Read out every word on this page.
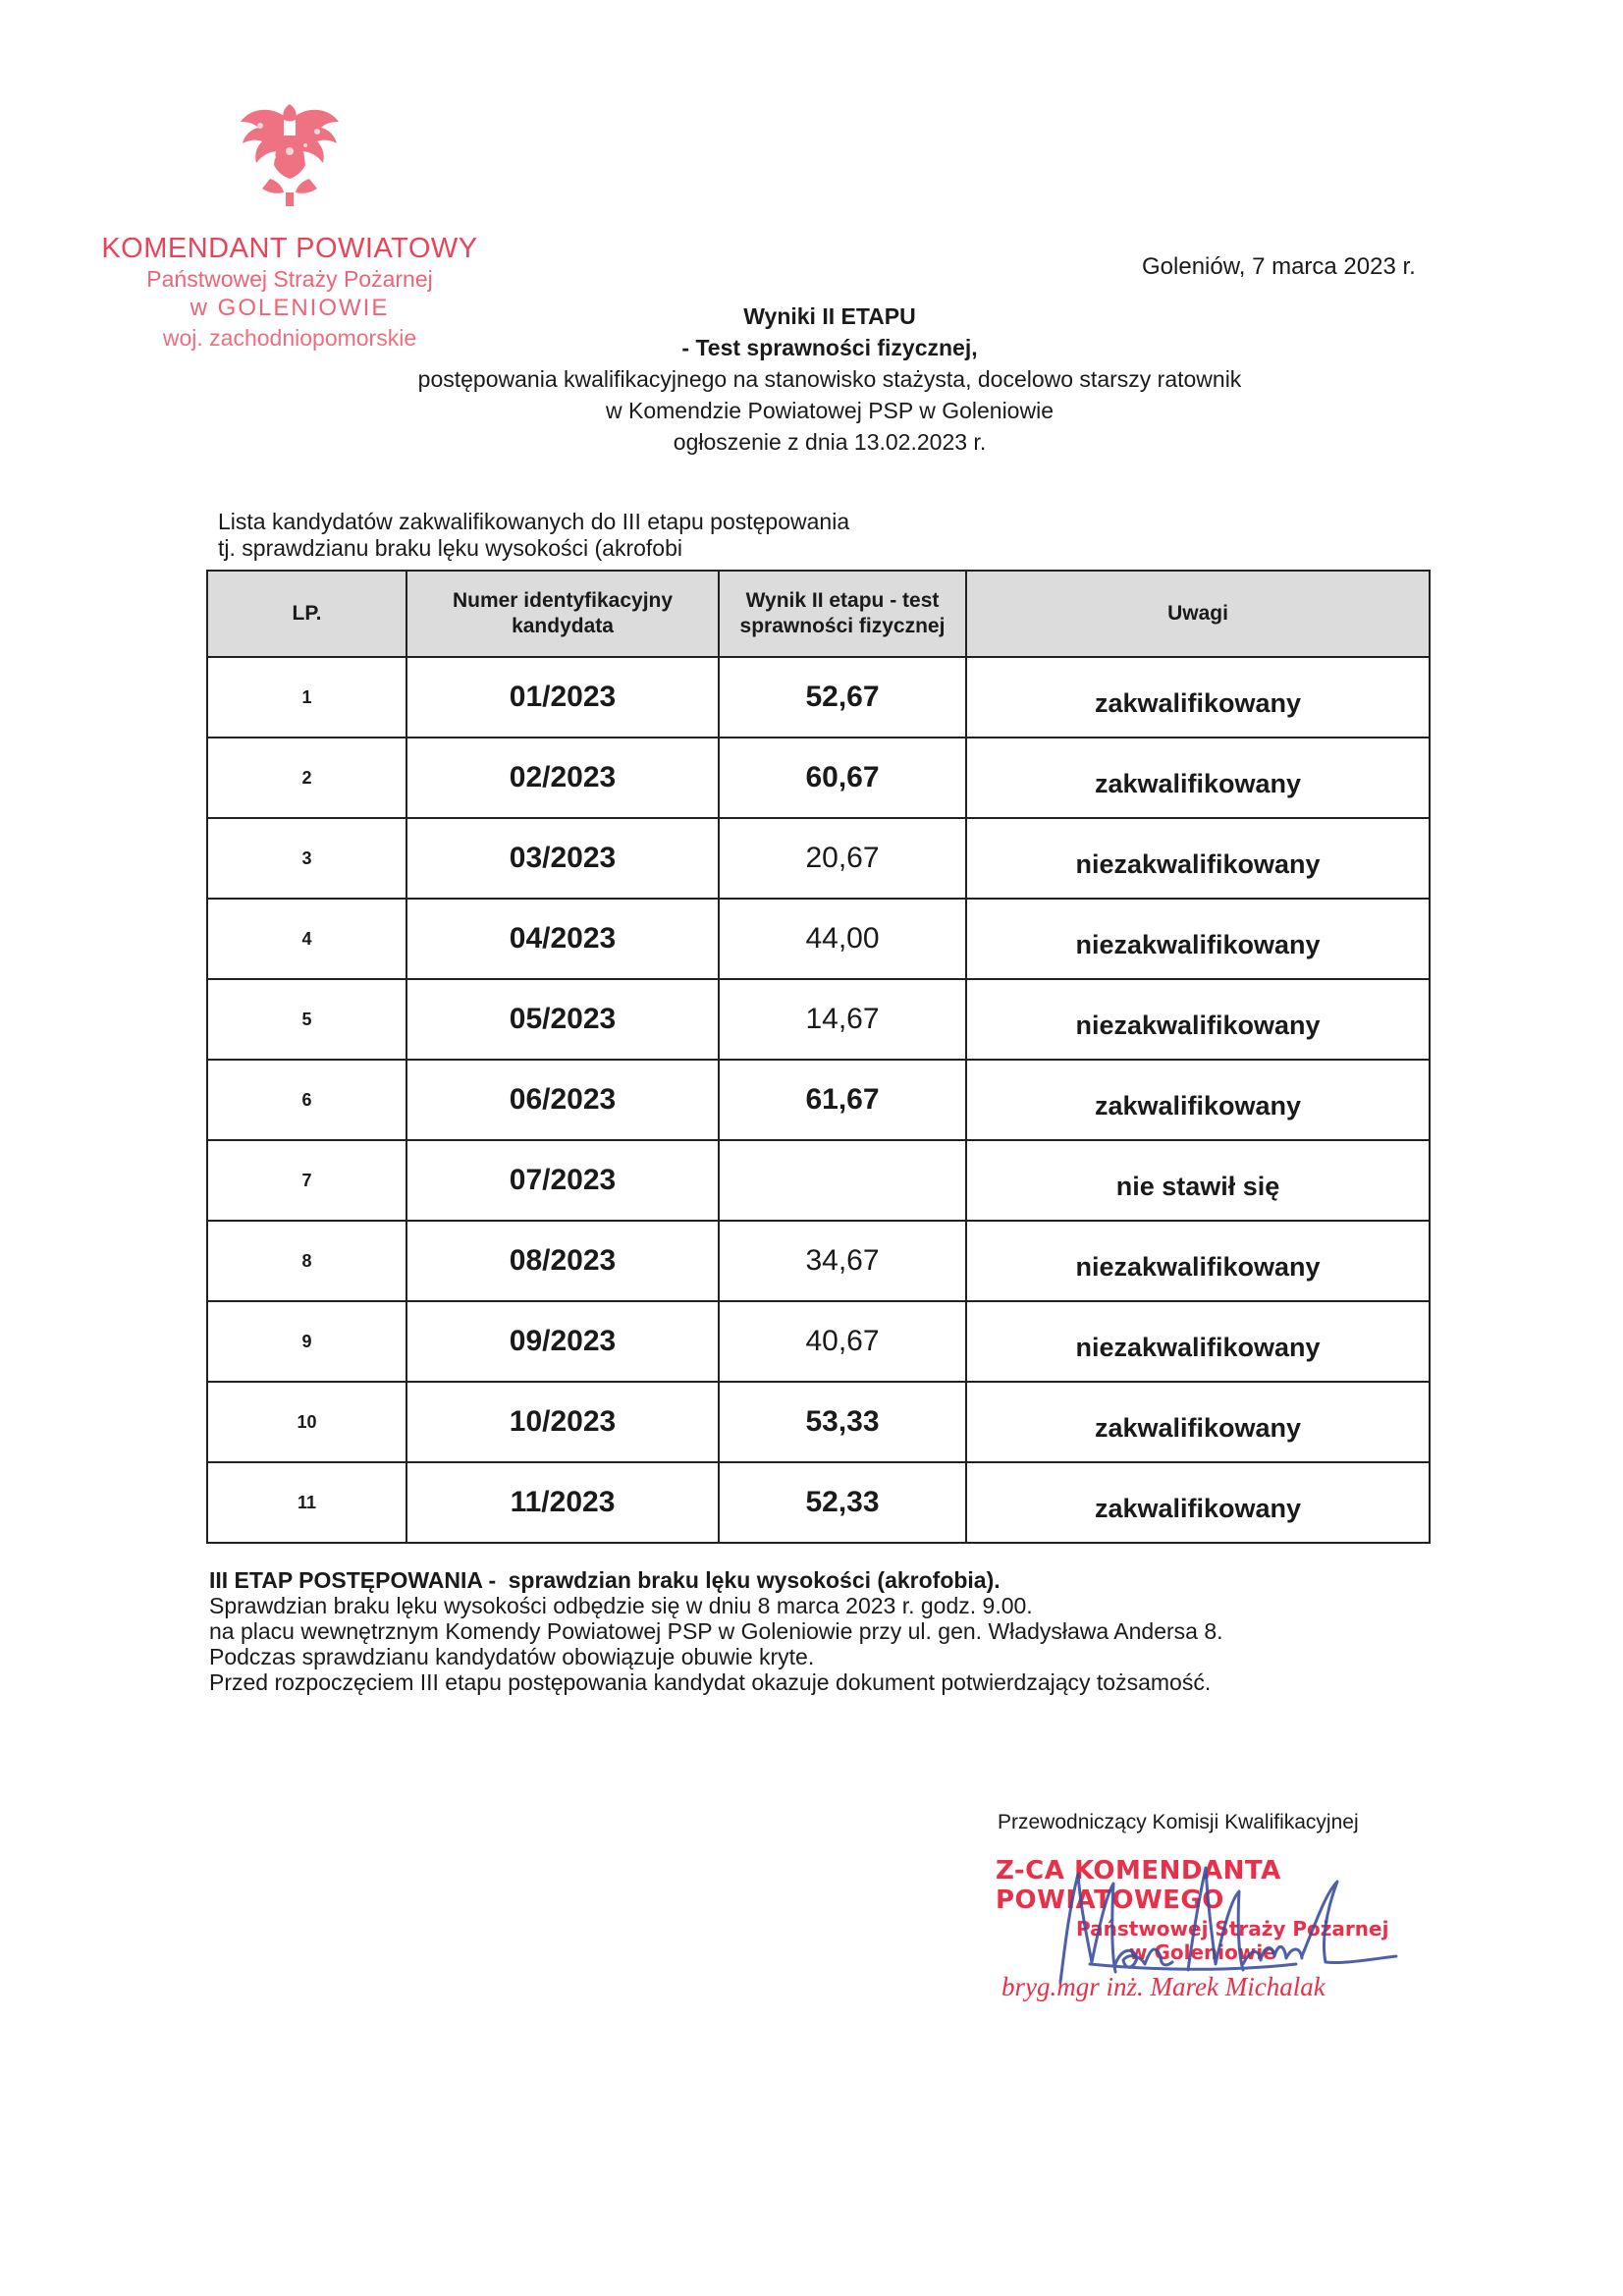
KOMENDANT POWIATOWY
Państwowej Straży Pożarnej
w GOLENIOWIE
woj. zachodniopomorskie
Goleniów, 7 marca 2023 r.
Wyniki II ETAPU
- Test sprawności fizycznej,
postępowania kwalifikacyjnego na stanowisko stażysta, docelowo starszy ratownik
w Komendzie Powiatowej PSP w Goleniowie
ogłoszenie z dnia 13.02.2023 r.
Lista kandydatów zakwalifikowanych do III etapu postępowania
tj. sprawdzianu braku lęku wysokości (akrofobi
LP.	Numer identyfikacyjny kandydata	Wynik II etapu - test sprawności fizycznej	Uwagi
1	01/2023	52,67	zakwalifikowany
2	02/2023	60,67	zakwalifikowany
3	03/2023	20,67	niezakwalifikowany
4	04/2023	44,00	niezakwalifikowany
5	05/2023	14,67	niezakwalifikowany
6	06/2023	61,67	zakwalifikowany
7	07/2023		nie stawił się
8	08/2023	34,67	niezakwalifikowany
9	09/2023	40,67	niezakwalifikowany
10	10/2023	53,33	zakwalifikowany
11	11/2023	52,33	zakwalifikowany
III ETAP POSTĘPOWANIA - sprawdzian braku lęku wysokości (akrofobia).
Sprawdzian braku lęku wysokości odbędzie się w dniu 8 marca 2023 r. godz. 9.00.
na placu wewnętrznym Komendy Powiatowej PSP w Goleniowie przy ul. gen. Władysława Andersa 8.
Podczas sprawdzianu kandydatów obowiązuje obuwie kryte.
Przed rozpoczęciem III etapu postępowania kandydat okazuje dokument potwierdzający tożsamość.
Przewodniczący Komisji Kwalifikacyjnej
Z-CA KOMENDANTA POWIATOWEGO
Państwowej Straży Pożarnej
w Goleniowie
bryg.mgr inż. Marek Michalak
